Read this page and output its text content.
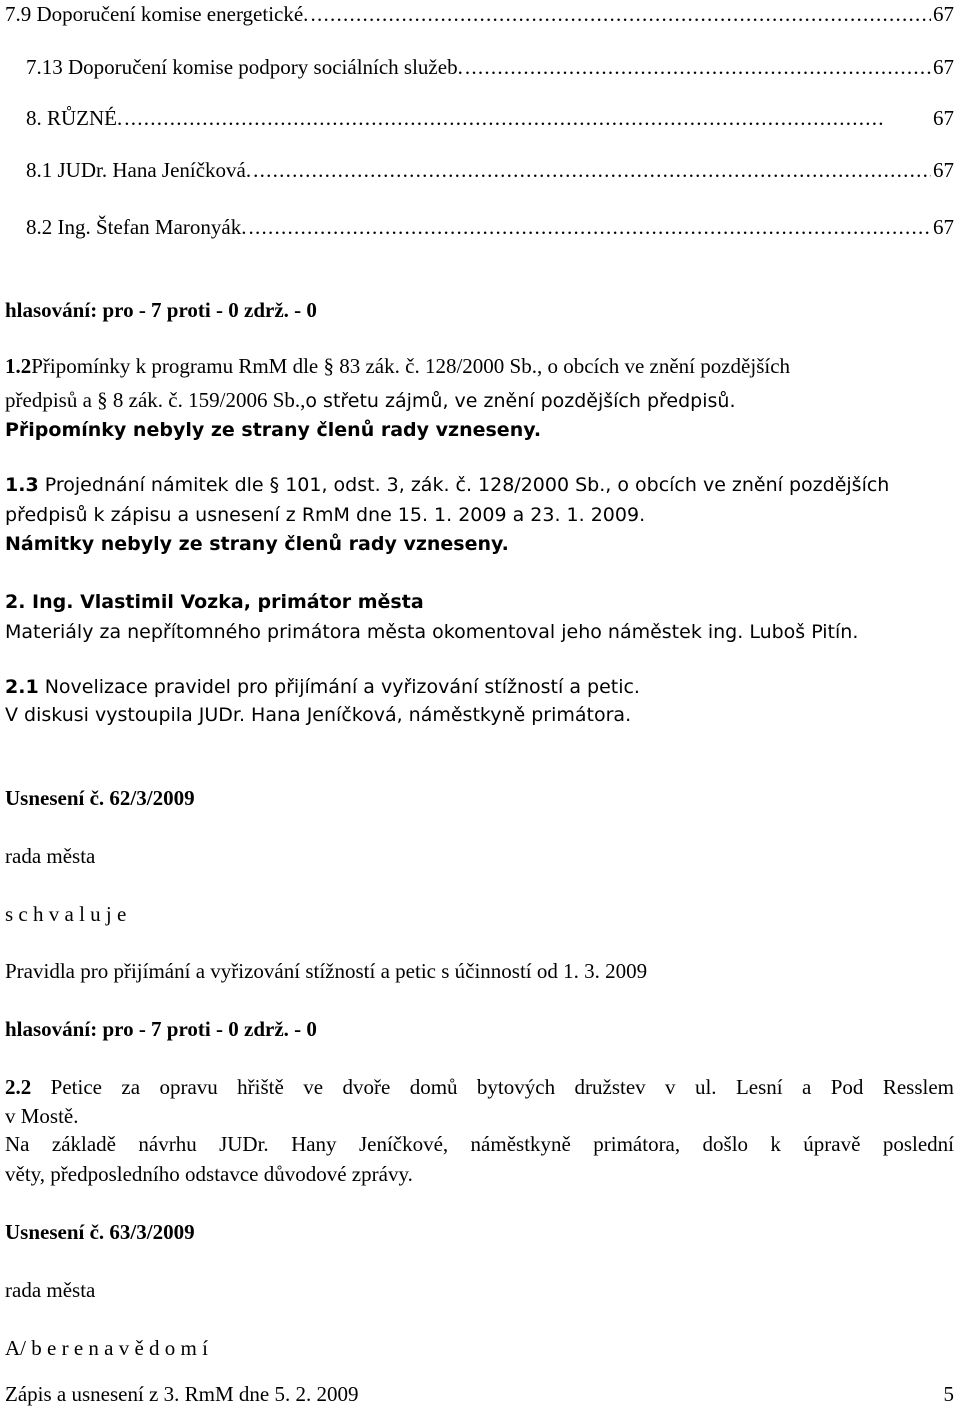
7.9 Doporučení komise energetické. . . .	67
7.13 Doporučení komise podpory sociálních služeb. . . .	67
8. RŮZNÉ. . . .	67
8.1 JUDr. Hana Jeníčková. . . .	67
8.2 Ing. Štefan Maronyák. . . .	67
hlasování: pro - 7 proti - 0 zdrž. - 0
1.2Připomínky k programu RmM dle § 83 zák. č. 128/2000 Sb., o obcích ve znění pozdějších
předpisů a § 8 zák. č. 159/2006 Sb.,o střetu zájmů, ve znění pozdějších předpisů.
Připomínky nebyly ze strany členů rady vzneseny.
1.3 Projednání námitek dle § 101, odst. 3, zák. č. 128/2000 Sb., o obcích ve znění pozdějších
předpisů k zápisu a usnesení z RmM dne 15. 1. 2009 a 23. 1. 2009.
Námitky nebyly ze strany členů rady vzneseny.
2. Ing. Vlastimil Vozka, primátor města
Materiály za nepřítomného primátora města okomentoval jeho náměstek ing. Luboš Pitín.
2.1 Novelizace pravidel pro přijímání a vyřizování stížností a petic.
V diskusi vystoupila JUDr. Hana Jeníčková, náměstkyně primátora.
Usnesení č. 62/3/2009
rada města
s c h v a l u j e
Pravidla pro přijímání a vyřizování stížností a petic s účinností od 1. 3. 2009
hlasování: pro - 7 proti - 0 zdrž. - 0
2.2 Petice za opravu hřiště ve dvoře domů bytových družstev v ul. Lesní a Pod Resslem
v Mostě.
Na základě návrhu JUDr. Hany Jeníčkové, náměstkyně primátora, došlo k úpravě poslední
věty, předposledního odstavce důvodové zprávy.
Usnesení č. 63/3/2009
rada města
A/ b e r e n a v ě d o m í
Zápis a usnesení z 3. RmM dne 5. 2. 2009	5
